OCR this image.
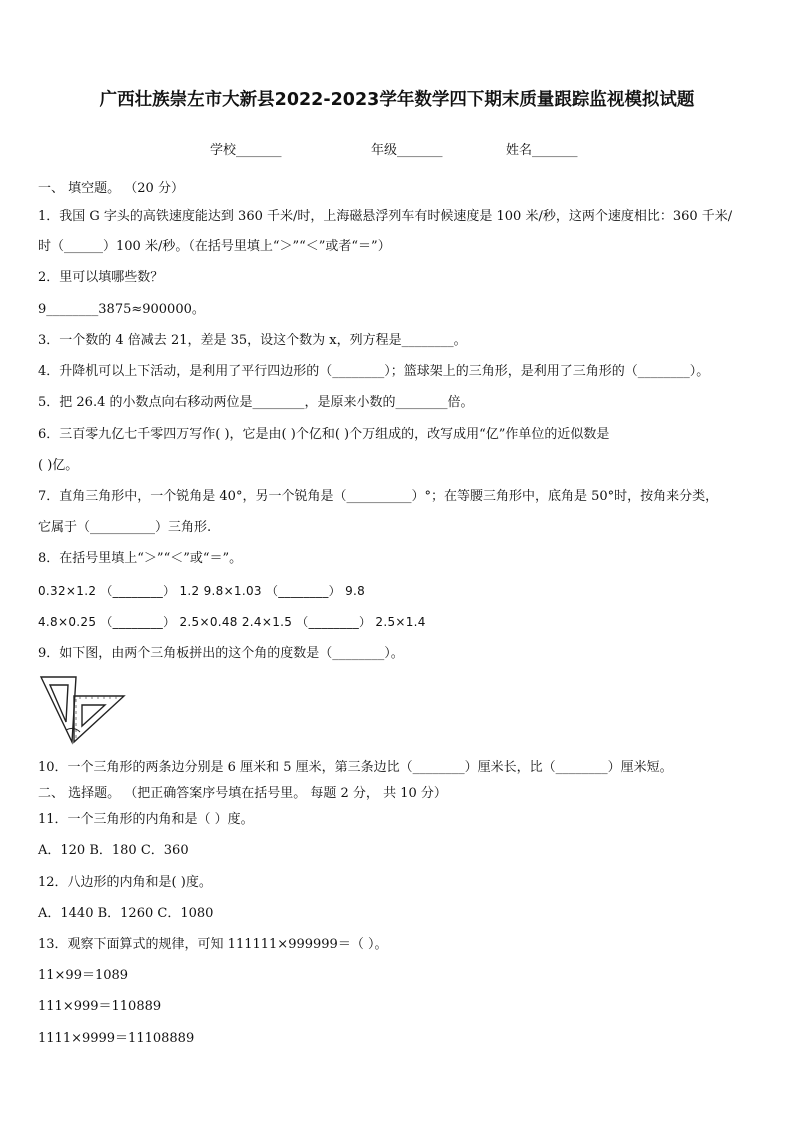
广西壮族崇左市大新县2022-2023学年数学四下期末质量跟踪监视模拟试题
学校_______	年级_______	姓名_______
一、 填空题。 （20 分）
1．我国 G 字头的高铁速度能达到 360 千米/时，上海磁悬浮列车有时候速度是 100 米/秒，这两个速度相比：360 千米/
时（______）100 米/秒。（在括号里填上“＞”“＜”或者“＝”）
2．里可以填哪些数？
9________3875≈900000。
3．一个数的 4 倍减去 21，差是 35，设这个数为 x，列方程是________。
4．升降机可以上下活动，是利用了平行四边形的（________）；篮球架上的三角形，是利用了三角形的（________）。
5．把 26.4 的小数点向右移动两位是________，是原来小数的________倍。
6．三百零九亿七千零四万写作( )，它是由( )个亿和( )个万组成的，改写成用“亿”作单位的近似数是
( )亿。
7．直角三角形中，一个锐角是 40°，另一个锐角是（__________）°；在等腰三角形中，底角是 50°时，按角来分类，
它属于（__________）三角形.
8．在括号里填上“＞”“＜”或“＝”。
0.32×1.2 （________） 1.2 9.8×1.03 （________） 9.8
4.8×0.25 （________） 2.5×0.48 2.4×1.5 （________） 2.5×1.4
9．如下图，由两个三角板拼出的这个角的度数是（________）。
10．一个三角形的两条边分别是 6 厘米和 5 厘米，第三条边比（________）厘米长，比（________）厘米短。
二、 选择题。 （把正确答案序号填在括号里。 每题 2 分， 共 10 分）
11．一个三角形的内角和是（ ）度。
A．120 B．180 C．360
12．八边形的内角和是( )度。
A．1440 B．1260 C．1080
13．观察下面算式的规律，可知 111111×999999＝（ ）。
11×99＝1089
111×999＝110889
1111×9999＝11108889
